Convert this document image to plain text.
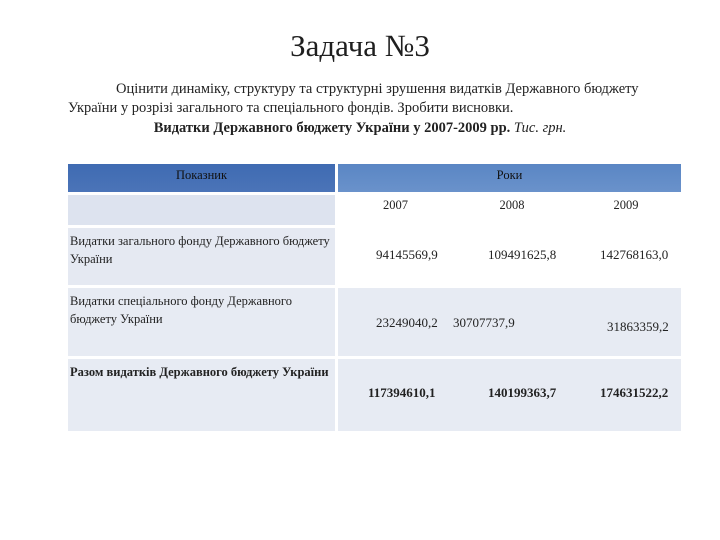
Задача №3
Оцінити динаміку, структуру та структурні зрушення видатків Державного бюджету України у розрізі загального та спеціального фондів. Зробити висновки.
Видатки Державного бюджету України у 2007-2009 рр. Тис. грн.
Показник	Роки

	2007 2008 2009

Видатки загального фонду Державного бюджету України	94145569,9 109491625,8 142768163,0

Видатки спеціального фонду Державного бюджету України	23249040,2 30707737,9 31863359,2

Разом видатків Державного бюджету України	117394610,1 140199363,7 174631522,2
